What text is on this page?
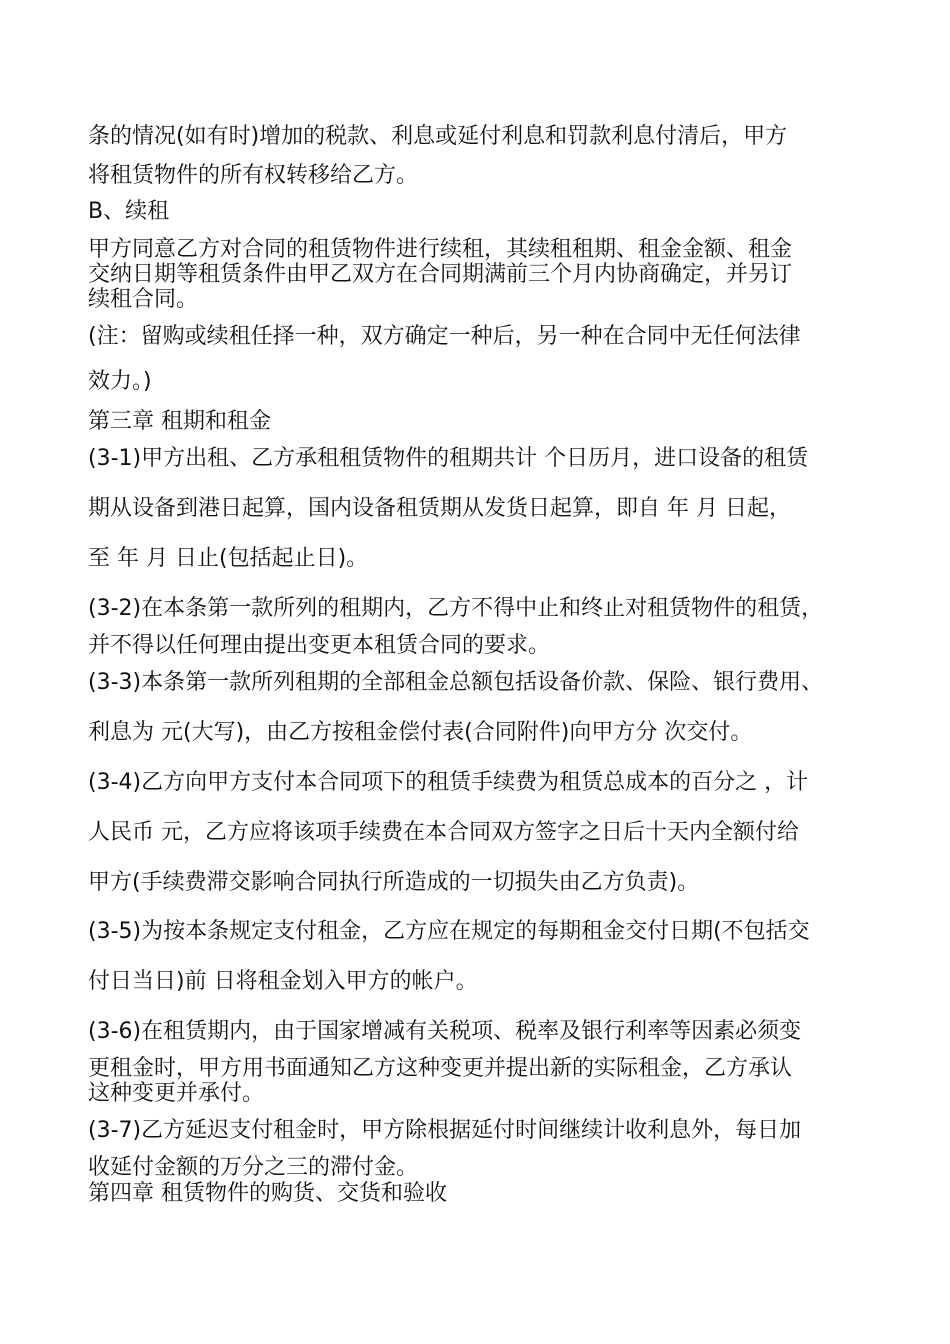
条的情况(如有时)增加的税款、利息或延付利息和罚款利息付清后，甲方
将租赁物件的所有权转移给乙方。
B、续租
甲方同意乙方对合同的租赁物件进行续租，其续租租期、租金金额、租金
交纳日期等租赁条件由甲乙双方在合同期满前三个月内协商确定，并另订
续租合同。
(注：留购或续租任择一种，双方确定一种后，另一种在合同中无任何法律
效力。)
第三章 租期和租金
(3-1)甲方出租、乙方承租租赁物件的租期共计 个日历月，进口设备的租赁
期从设备到港日起算，国内设备租赁期从发货日起算，即自 年 月 日起，
至 年 月 日止(包括起止日)。
(3-2)在本条第一款所列的租期内，乙方不得中止和终止对租赁物件的租赁，
并不得以任何理由提出变更本租赁合同的要求。
(3-3)本条第一款所列租期的全部租金总额包括设备价款、保险、银行费用、
利息为 元(大写)，由乙方按租金偿付表(合同附件)向甲方分 次交付。
(3-4)乙方向甲方支付本合同项下的租赁手续费为租赁总成本的百分之 ，计
人民币 元，乙方应将该项手续费在本合同双方签字之日后十天内全额付给
甲方(手续费滞交影响合同执行所造成的一切损失由乙方负责)。
(3-5)为按本条规定支付租金，乙方应在规定的每期租金交付日期(不包括交
付日当日)前 日将租金划入甲方的帐户。
(3-6)在租赁期内，由于国家增减有关税项、税率及银行利率等因素必须变
更租金时，甲方用书面通知乙方这种变更并提出新的实际租金，乙方承认
这种变更并承付。
(3-7)乙方延迟支付租金时，甲方除根据延付时间继续计收利息外，每日加
收延付金额的万分之三的滞付金。
第四章 租赁物件的购货、交货和验收
